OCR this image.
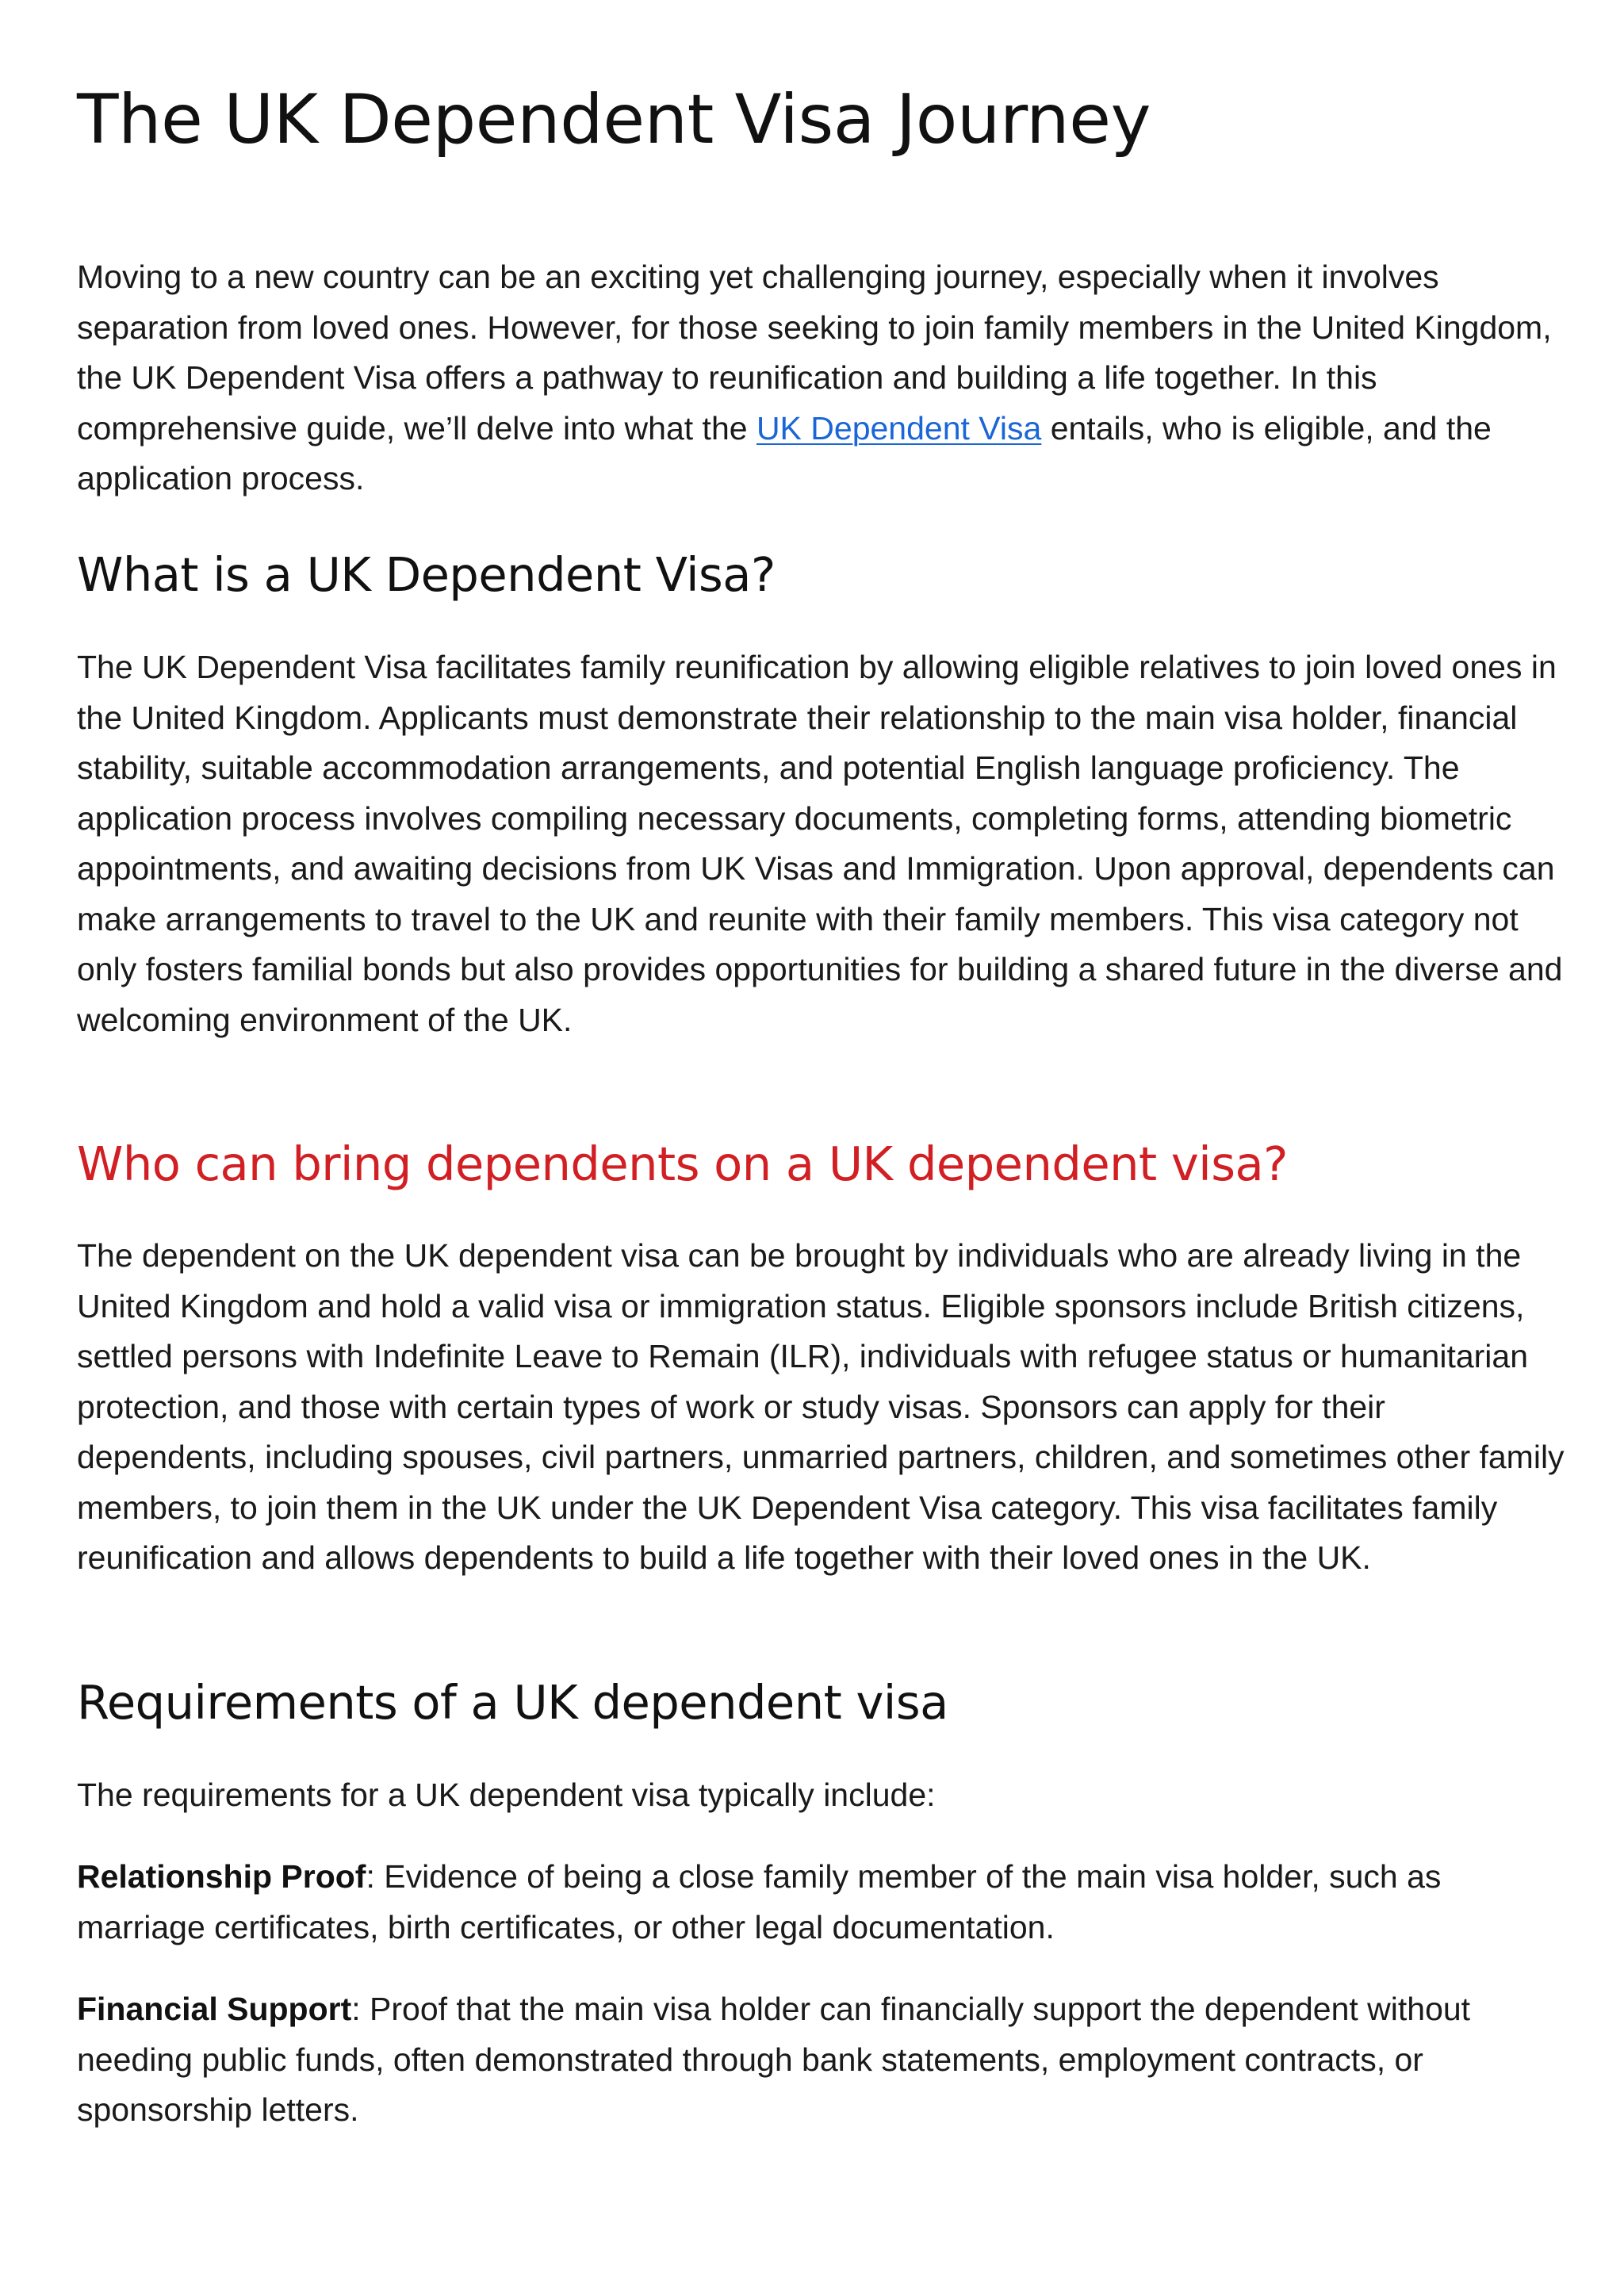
The UK Dependent Visa Journey

Moving to a new country can be an exciting yet challenging journey, especially when it involves separation from loved ones. However, for those seeking to join family members in the United Kingdom, the UK Dependent Visa offers a pathway to reunification and building a life together. In this comprehensive guide, we’ll delve into what the UK Dependent Visa entails, who is eligible, and the application process.

What is a UK Dependent Visa?

The UK Dependent Visa facilitates family reunification by allowing eligible relatives to join loved ones in the United Kingdom. Applicants must demonstrate their relationship to the main visa holder, financial stability, suitable accommodation arrangements, and potential English language proficiency. The application process involves compiling necessary documents, completing forms, attending biometric appointments, and awaiting decisions from UK Visas and Immigration. Upon approval, dependents can make arrangements to travel to the UK and reunite with their family members. This visa category not only fosters familial bonds but also provides opportunities for building a shared future in the diverse and welcoming environment of the UK.

Who can bring dependents on a UK dependent visa?

The dependent on the UK dependent visa can be brought by individuals who are already living in the United Kingdom and hold a valid visa or immigration status. Eligible sponsors include British citizens, settled persons with Indefinite Leave to Remain (ILR), individuals with refugee status or humanitarian protection, and those with certain types of work or study visas. Sponsors can apply for their dependents, including spouses, civil partners, unmarried partners, children, and sometimes other family members, to join them in the UK under the UK Dependent Visa category. This visa facilitates family reunification and allows dependents to build a life together with their loved ones in the UK.

Requirements of a UK dependent visa

The requirements for a UK dependent visa typically include:

Relationship Proof: Evidence of being a close family member of the main visa holder, such as marriage certificates, birth certificates, or other legal documentation.

Financial Support: Proof that the main visa holder can financially support the dependent without needing public funds, often demonstrated through bank statements, employment contracts, or sponsorship letters.
